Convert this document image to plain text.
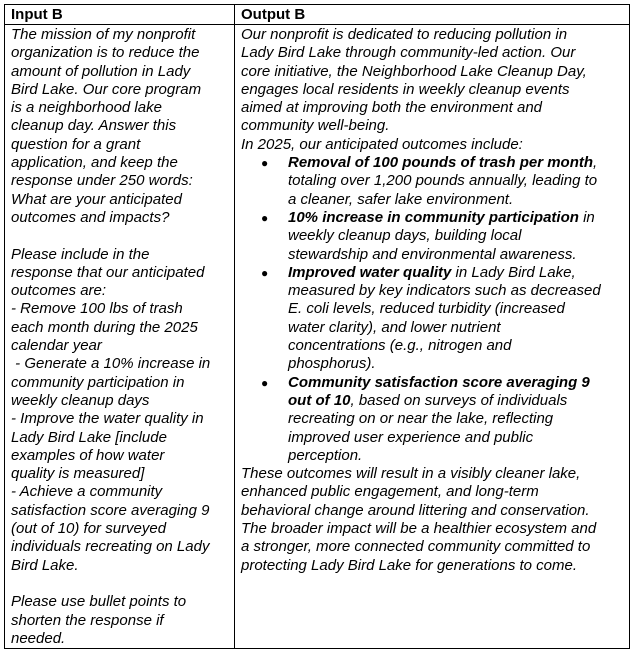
Input B	Output B
The mission of my nonprofit
organization is to reduce the
amount of pollution in Lady
Bird Lake. Our core program
is a neighborhood lake
cleanup day. Answer this
question for a grant
application, and keep the
response under 250 words:
What are your anticipated
outcomes and impacts?
Please include in the
response that our anticipated
outcomes are:
- Remove 100 lbs of trash
each month during the 2025
calendar year
- Generate a 10% increase in
community participation in
weekly cleanup days
- Improve the water quality in
Lady Bird Lake [include
examples of how water
quality is measured]
- Achieve a community
satisfaction score averaging 9
(out of 10) for surveyed
individuals recreating on Lady
Bird Lake.
Please use bullet points to
shorten the response if
needed.
Our nonprofit is dedicated to reducing pollution in
Lady Bird Lake through community-led action. Our
core initiative, the Neighborhood Lake Cleanup Day,
engages local residents in weekly cleanup events
aimed at improving both the environment and
community well-being.
In 2025, our anticipated outcomes include:
● Removal of 100 pounds of trash per month,
totaling over 1,200 pounds annually, leading to
a cleaner, safer lake environment.
● 10% increase in community participation in
weekly cleanup days, building local
stewardship and environmental awareness.
● Improved water quality in Lady Bird Lake,
measured by key indicators such as decreased
E. coli levels, reduced turbidity (increased
water clarity), and lower nutrient
concentrations (e.g., nitrogen and
phosphorus).
● Community satisfaction score averaging 9
out of 10, based on surveys of individuals
recreating on or near the lake, reflecting
improved user experience and public
perception.
These outcomes will result in a visibly cleaner lake,
enhanced public engagement, and long-term
behavioral change around littering and conservation.
The broader impact will be a healthier ecosystem and
a stronger, more connected community committed to
protecting Lady Bird Lake for generations to come.
